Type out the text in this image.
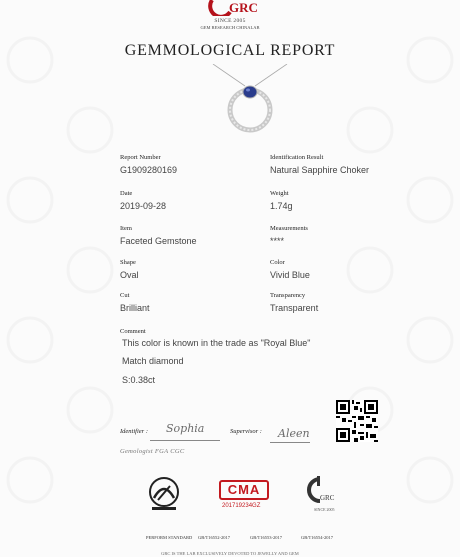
GRC
SINCE 2005
GEM RESEARCH CHINALAB
GEMMOLOGICAL REPORT
Report Number
G1909280169
Date
2019-09-28
Item
Faceted Gemstone
Shape
Oval
Cut
Brilliant
Identification Result
Natural Sapphire Choker
Weight
1.74g
Measurements
****
Color
Vivid Blue
Transparency
Transparent
Comment
This color is known in the trade as "Royal Blue"
Match diamond
S:0.38ct
Identifier : Sophia	Supervisor : Aleen
Gemologist FGA CGC
CMA
201719234GZ
GRC
SINCE 2005
PERFORM STANDARD GB/T16552-2017	GB/T16553-2017	GB/T16554-2017
GRC IS THE LAB EXCLUSIVELY DEVOTED TO JEWELLY AND GEM
